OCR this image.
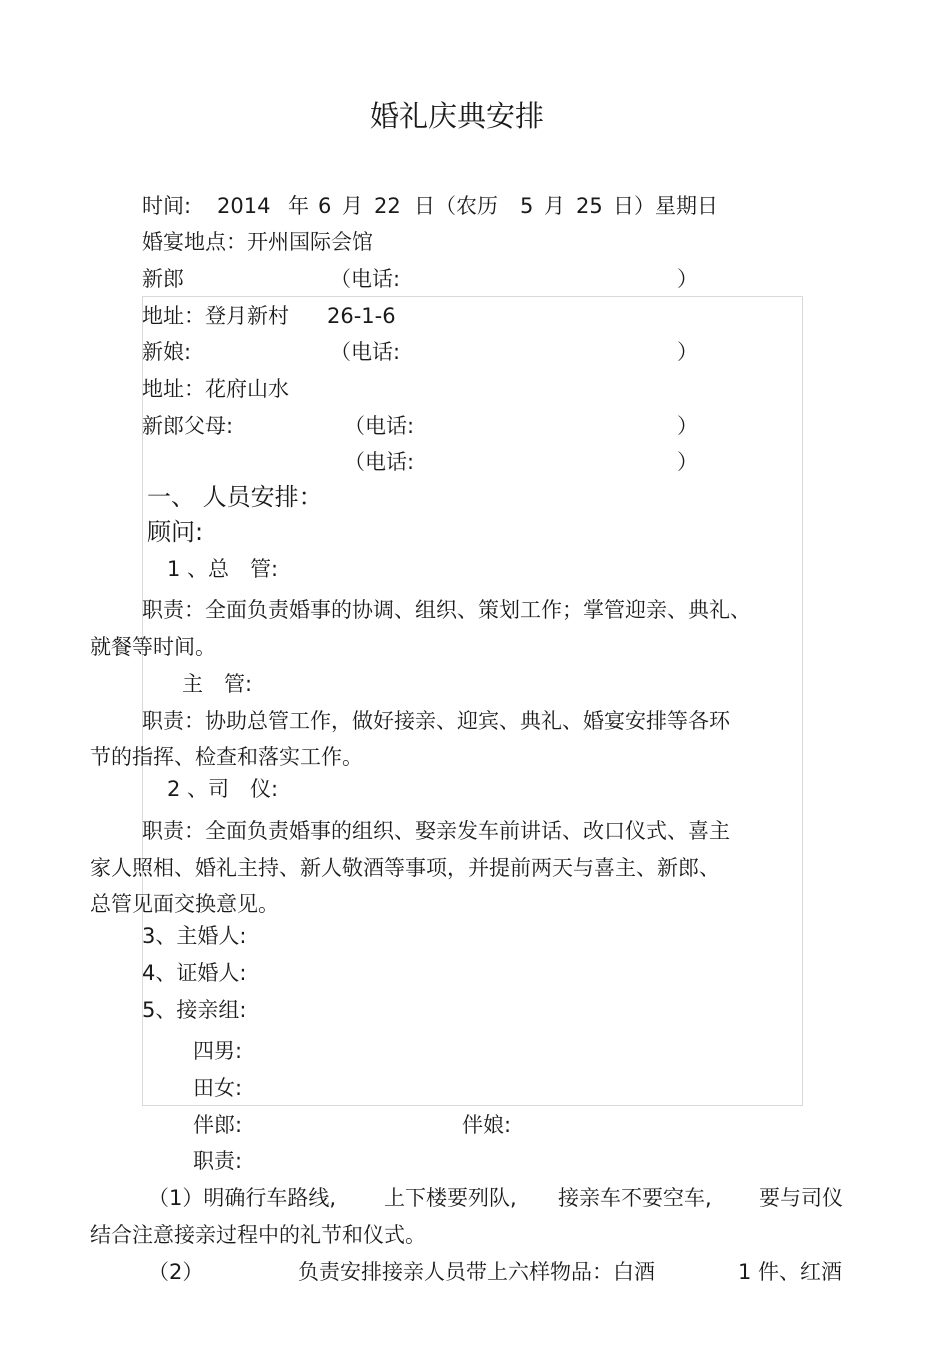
婚礼庆典安排
时间: 2014 年 6 月 22 日（农历 5 月 25 日）星期日
婚宴地点：开州国际会馆
新郎	（电话:	）
地址：登月新村 26-1-6
新娘:	（电话:	）
地址：花府山水
新郎父母:	（电话:	）
（电话:	）
一、 人员安排：
顾问:
1 、总　管:
职责：全面负责婚事的协调、组织、策划工作；掌管迎亲、典礼、
就餐等时间。
主　管:
职责：协助总管工作，做好接亲、迎宾、典礼、婚宴安排等各环
节的指挥、检查和落实工作。
2 、司　仪:
职责：全面负责婚事的组织、娶亲发车前讲话、改口仪式、喜主
家人照相、婚礼主持、新人敬酒等事项，并提前两天与喜主、新郎、
总管见面交换意见。
3、主婚人:
4、证婚人:
5、接亲组:
四男:
田女:
伴郎:	伴娘:
职责:
（1）明确行车路线, 上下楼要列队, 接亲车不要空车, 要与司仪
结合注意接亲过程中的礼节和仪式。
（2）	负责安排接亲人员带上六样物品：白酒	1 件、红酒
